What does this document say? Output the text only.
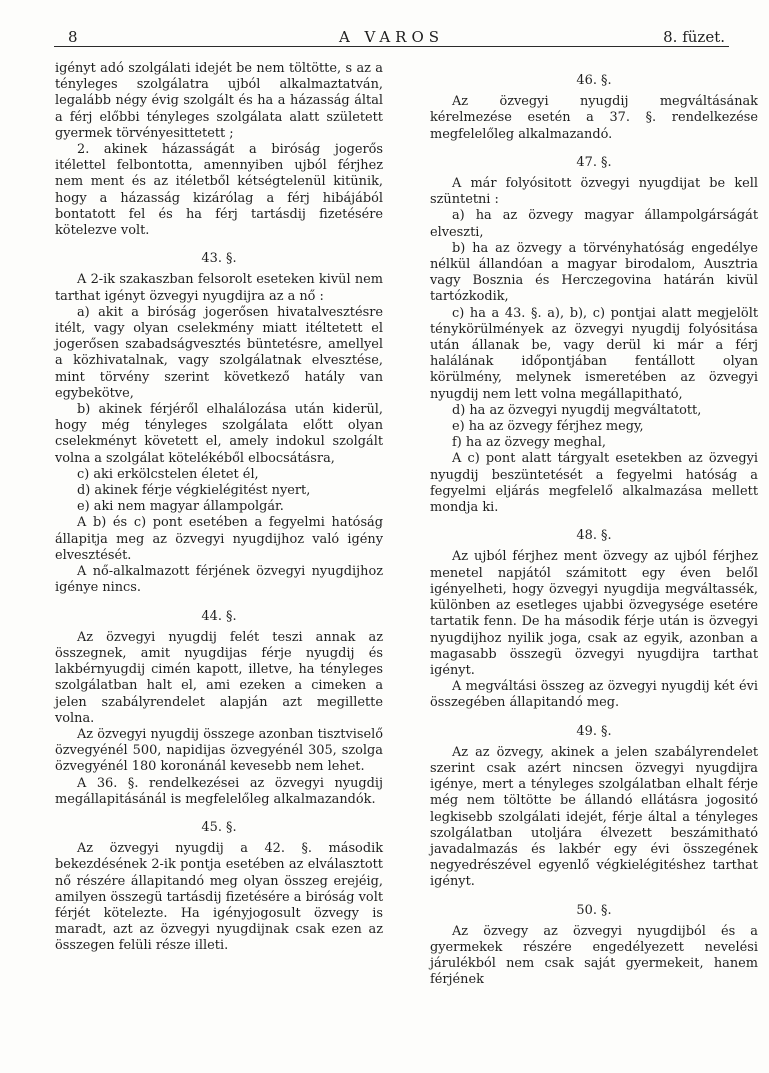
8	A VAROS	8. füzet.

igényt adó szolgálati idejét be nem töltötte, s az a tényleges szolgálatra ujból alkalmaztatván, legalább négy évig szolgált és ha a házasság által a férj előbbi tényleges szolgálata alatt született gyermek törvényesittetett ;

2. akinek házasságát a biróság jogerős itélettel felbontotta, amennyiben ujból férjhez nem ment és az itéletből kétségtelenül kitünik, hogy a házasság kizárólag a férj hibájából bontatott fel és ha férj tartásdij fizetésére kötelezve volt.

43. §.

A 2-ik szakaszban felsorolt eseteken kivül nem tarthat igényt özvegyi nyugdijra az a nő :

a) akit a biróság jogerősen hivatalvesztésre itélt, vagy olyan cselekmény miatt itéltetett el jogerősen szabadságvesztés büntetésre, amellyel a közhivatalnak, vagy szolgálatnak elvesztése, mint törvény szerint következő hatály van egybekötve,

b) akinek férjéről elhalálozása után kiderül, hogy még tényleges szolgálata előtt olyan cselekményt követett el, amely indokul szolgált volna a szolgálat kötelékéből elbocsátásra,

c) aki erkölcstelen életet él,

d) akinek férje végkielégitést nyert,

e) aki nem magyar állampolgár.

A b) és c) pont esetében a fegyelmi hatóság állapitja meg az özvegyi nyugdijhoz való igény elvesztését.

A nő-alkalmazott férjének özvegyi nyugdijhoz igénye nincs.

44. §.

Az özvegyi nyugdij felét teszi annak az összegnek, amit nyugdijas férje nyugdij és lakbérnyugdij cimén kapott, illetve, ha tényleges szolgálatban halt el, ami ezeken a cimeken a jelen szabályrendelet alapján azt megillette volna.

Az özvegyi nyugdij összege azonban tisztviselő özvegyénél 500, napidijas özvegyénél 305, szolga özvegyénél 180 koronánál kevesebb nem lehet.

A 36. §. rendelkezései az özvegyi nyugdij megállapitásánál is megfelelőleg alkalmazandók.

45. §.

Az özvegyi nyugdij a 42. §. második bekezdésének 2-ik pontja esetében az elválasztott nő részére állapitandó meg olyan összeg erejéig, amilyen összegü tartásdij fizetésére a biróság volt férjét kötelezte. Ha igényjogosult özvegy is maradt, azt az özvegyi nyugdijnak csak ezen az összegen felüli része illeti.

46. §.

Az özvegyi nyugdij megváltásának kérelmezése esetén a 37. §. rendelkezése megfelelőleg alkalmazandó.

47. §.

A már folyósitott özvegyi nyugdijat be kell szüntetni :

a) ha az özvegy magyar állampolgárságát elveszti,

b) ha az özvegy a törvényhatóság engedélye nélkül állandóan a magyar birodalom, Ausztria vagy Bosznia és Herczegovina határán kivül tartózkodik,

c) ha a 43. §. a), b), c) pontjai alatt megjelölt ténykörülmények az özvegyi nyugdij folyósitása után állanak be, vagy derül ki már a férj halálának időpontjában fentállott olyan körülmény, melynek ismeretében az özvegyi nyugdij nem lett volna megállapitható,

d) ha az özvegyi nyugdij megváltatott,

e) ha az özvegy férjhez megy,

f) ha az özvegy meghal,

A c) pont alatt tárgyalt esetekben az özvegyi nyugdij beszüntetését a fegyelmi hatóság a fegyelmi eljárás megfelelő alkalmazása mellett mondja ki.

48. §.

Az ujból férjhez ment özvegy az ujból férjhez menetel napjától számitott egy éven belől igényelheti, hogy özvegyi nyugdija megváltassék, különben az esetleges ujabbi özvegysége esetére tartatik fenn. De ha második férje után is özvegyi nyugdijhoz nyilik joga, csak az egyik, azonban a magasabb összegü özvegyi nyugdijra tarthat igényt.

A megváltási összeg az özvegyi nyugdij két évi összegében állapitandó meg.

49. §.

Az az özvegy, akinek a jelen szabályrendelet szerint csak azért nincsen özvegyi nyugdijra igénye, mert a tényleges szolgálatban elhalt férje még nem töltötte be állandó ellátásra jogositó legkisebb szolgálati idejét, férje által a tényleges szolgálatban utoljára élvezett beszámitható javadalmazás és lakbér egy évi összegének negyedrészével egyenlő végkielégitéshez tarthat igényt.

50. §.

Az özvegy az özvegyi nyugdijból és a gyermekek részére engedélyezett nevelési járulékból nem csak saját gyermekeit, hanem férjének
